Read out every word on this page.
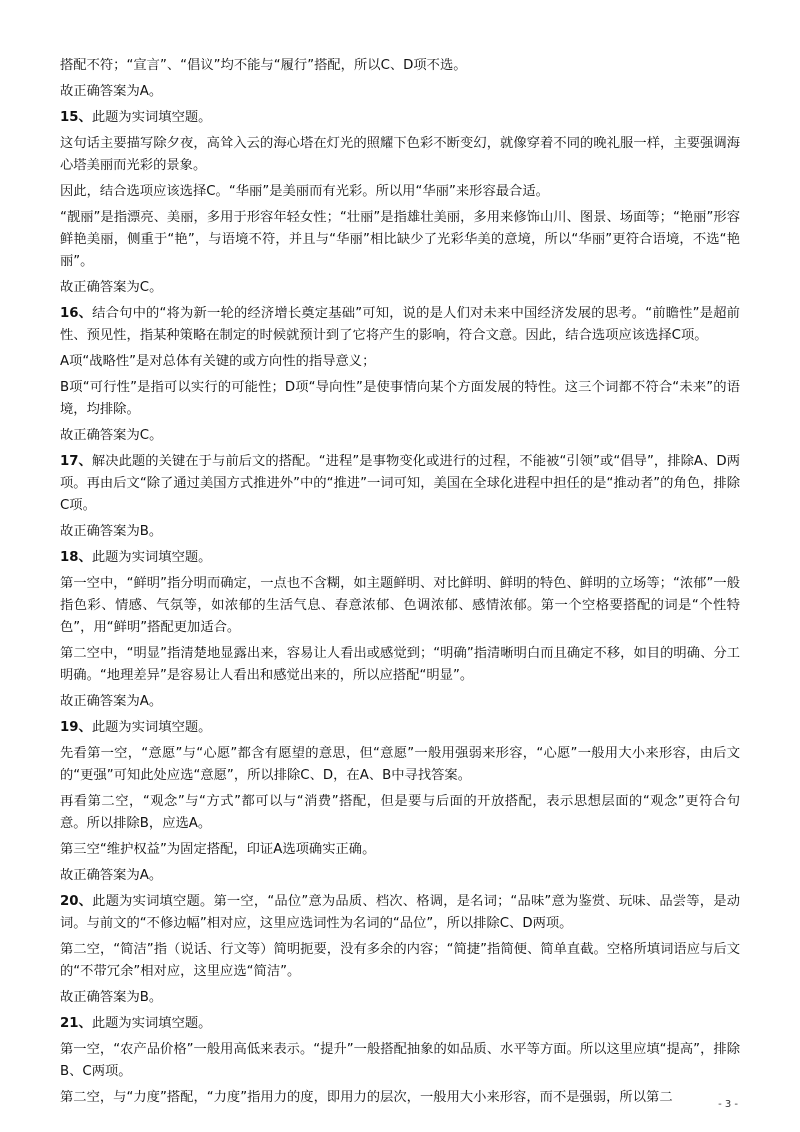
搭配不符；“宣言”、“倡议”均不能与“履行”搭配，所以C、D项不选。

故正确答案为A。

15、此题为实词填空题。

这句话主要描写除夕夜，高耸入云的海心塔在灯光的照耀下色彩不断变幻，就像穿着不同的晚礼服一样，主要强调海心塔美丽而光彩的景象。

因此，结合选项应该选择C。“华丽”是美丽而有光彩。所以用“华丽”来形容最合适。

“靓丽”是指漂亮、美丽，多用于形容年轻女性；“壮丽”是指雄壮美丽，多用来修饰山川、图景、场面等；“艳丽”形容鲜艳美丽，侧重于“艳”，与语境不符，并且与“华丽”相比缺少了光彩华美的意境，所以“华丽”更符合语境，不选“艳丽”。

故正确答案为C。

16、结合句中的“将为新一轮的经济增长奠定基础”可知，说的是人们对未来中国经济发展的思考。“前瞻性”是超前性、预见性，指某种策略在制定的时候就预计到了它将产生的影响，符合文意。因此，结合选项应该选择C项。

A项“战略性”是对总体有关键的或方向性的指导意义；

B项“可行性”是指可以实行的可能性；D项“导向性”是使事情向某个方面发展的特性。这三个词都不符合“未来”的语境，均排除。

故正确答案为C。

17、解决此题的关键在于与前后文的搭配。“进程”是事物变化或进行的过程，不能被“引领”或“倡导”，排除A、D两项。再由后文“除了通过美国方式推进外”中的“推进”一词可知，美国在全球化进程中担任的是“推动者”的角色，排除C项。

故正确答案为B。

18、此题为实词填空题。

第一空中，“鲜明”指分明而确定，一点也不含糊，如主题鲜明、对比鲜明、鲜明的特色、鲜明的立场等；“浓郁”一般指色彩、情感、气氛等，如浓郁的生活气息、春意浓郁、色调浓郁、感情浓郁。第一个空格要搭配的词是“个性特色”，用“鲜明”搭配更加适合。

第二空中，“明显”指清楚地显露出来，容易让人看出或感觉到；“明确”指清晰明白而且确定不移，如目的明确、分工明确。“地理差异”是容易让人看出和感觉出来的，所以应搭配“明显”。

故正确答案为A。

19、此题为实词填空题。

先看第一空，“意愿”与“心愿”都含有愿望的意思，但“意愿”一般用强弱来形容，“心愿”一般用大小来形容，由后文的“更强”可知此处应选“意愿”，所以排除C、D，在A、B中寻找答案。

再看第二空，“观念”与“方式”都可以与“消费”搭配，但是要与后面的开放搭配，表示思想层面的“观念”更符合句意。所以排除B，应选A。

第三空“维护权益”为固定搭配，印证A选项确实正确。

故正确答案为A。

20、此题为实词填空题。第一空，“品位”意为品质、档次、格调，是名词；“品味”意为鉴赏、玩味、品尝等，是动词。与前文的“不修边幅”相对应，这里应选词性为名词的“品位”，所以排除C、D两项。

第二空，“简洁”指（说话、行文等）简明扼要，没有多余的内容；“简捷”指简便、简单直截。空格所填词语应与后文的“不带冗余”相对应，这里应选“简洁”。

故正确答案为B。

21、此题为实词填空题。

第一空，“农产品价格”一般用高低来表示。“提升”一般搭配抽象的如品质、水平等方面。所以这里应填“提高”，排除B、C两项。

第二空，与“力度”搭配，“力度”指用力的度，即用力的层次，一般用大小来形容，而不是强弱，所以第二	- 3 -
